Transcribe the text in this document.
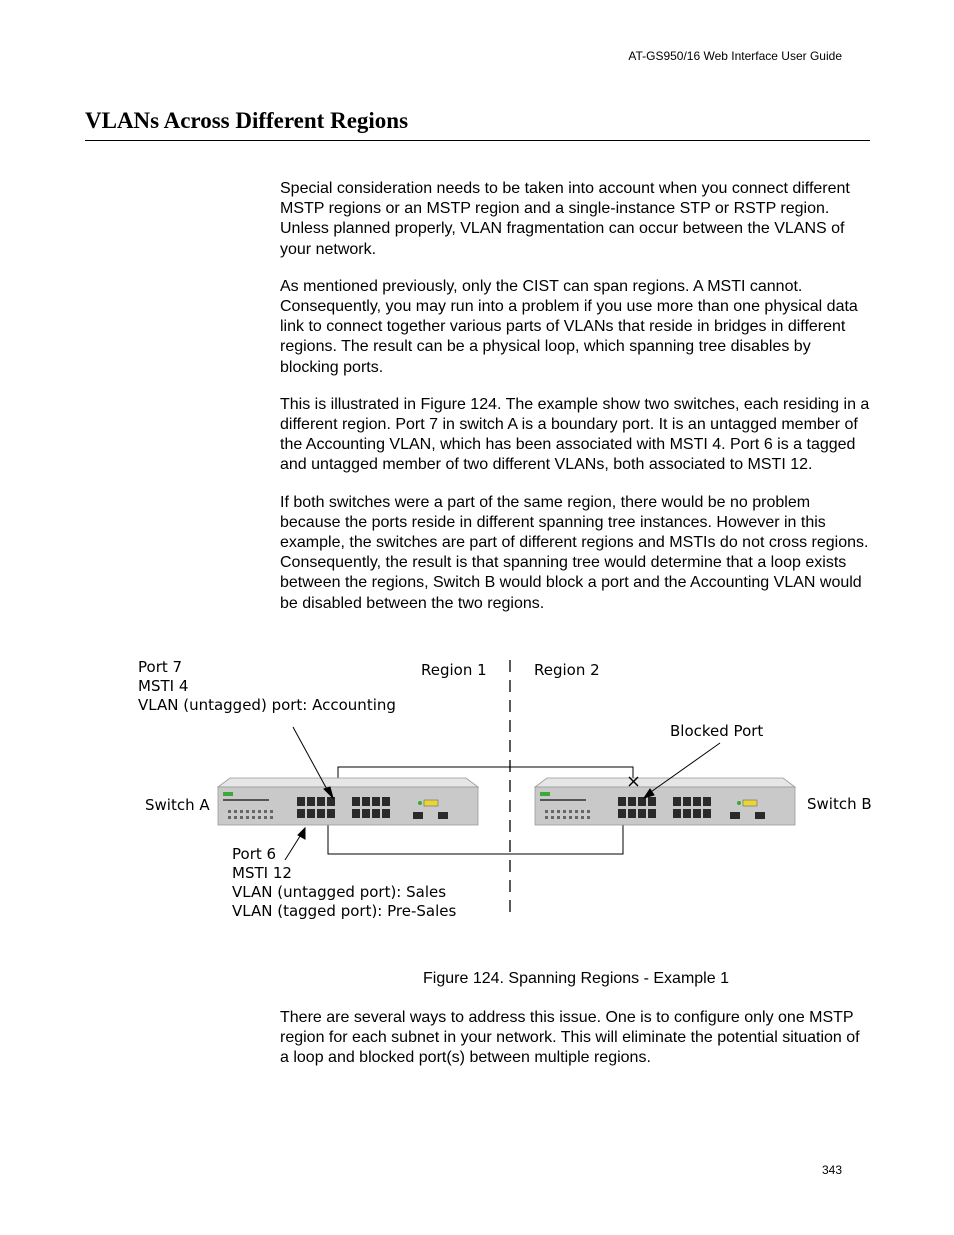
AT-GS950/16 Web Interface User Guide
VLANs Across Different Regions

Special consideration needs to be taken into account when you connect different MSTP regions or an MSTP region and a single-instance STP or RSTP region. Unless planned properly, VLAN fragmentation can occur between the VLANS of your network.

As mentioned previously, only the CIST can span regions. A MSTI cannot. Consequently, you may run into a problem if you use more than one physical data link to connect together various parts of VLANs that reside in bridges in different regions. The result can be a physical loop, which spanning tree disables by blocking ports.

This is illustrated in Figure 124. The example show two switches, each residing in a different region. Port 7 in switch A is a boundary port. It is an untagged member of the Accounting VLAN, which has been associated with MSTI 4. Port 6 is a tagged and untagged member of two different VLANs, both associated to MSTI 12.

If both switches were a part of the same region, there would be no problem because the ports reside in different spanning tree instances. However in this example, the switches are part of different regions and MSTIs do not cross regions. Consequently, the result is that spanning tree would determine that a loop exists between the regions, Switch B would block a port and the Accounting VLAN would be disabled between the two regions.

Port 7
MSTI 4
VLAN (untagged) port: Accounting
Region 1	Region 2
Blocked Port
Switch A	Switch B
Port 6
MSTI 12
VLAN (untagged port): Sales
VLAN (tagged port): Pre-Sales
Figure 124. Spanning Regions - Example 1

There are several ways to address this issue. One is to configure only one MSTP region for each subnet in your network. This will eliminate the potential situation of a loop and blocked port(s) between multiple regions.

343
